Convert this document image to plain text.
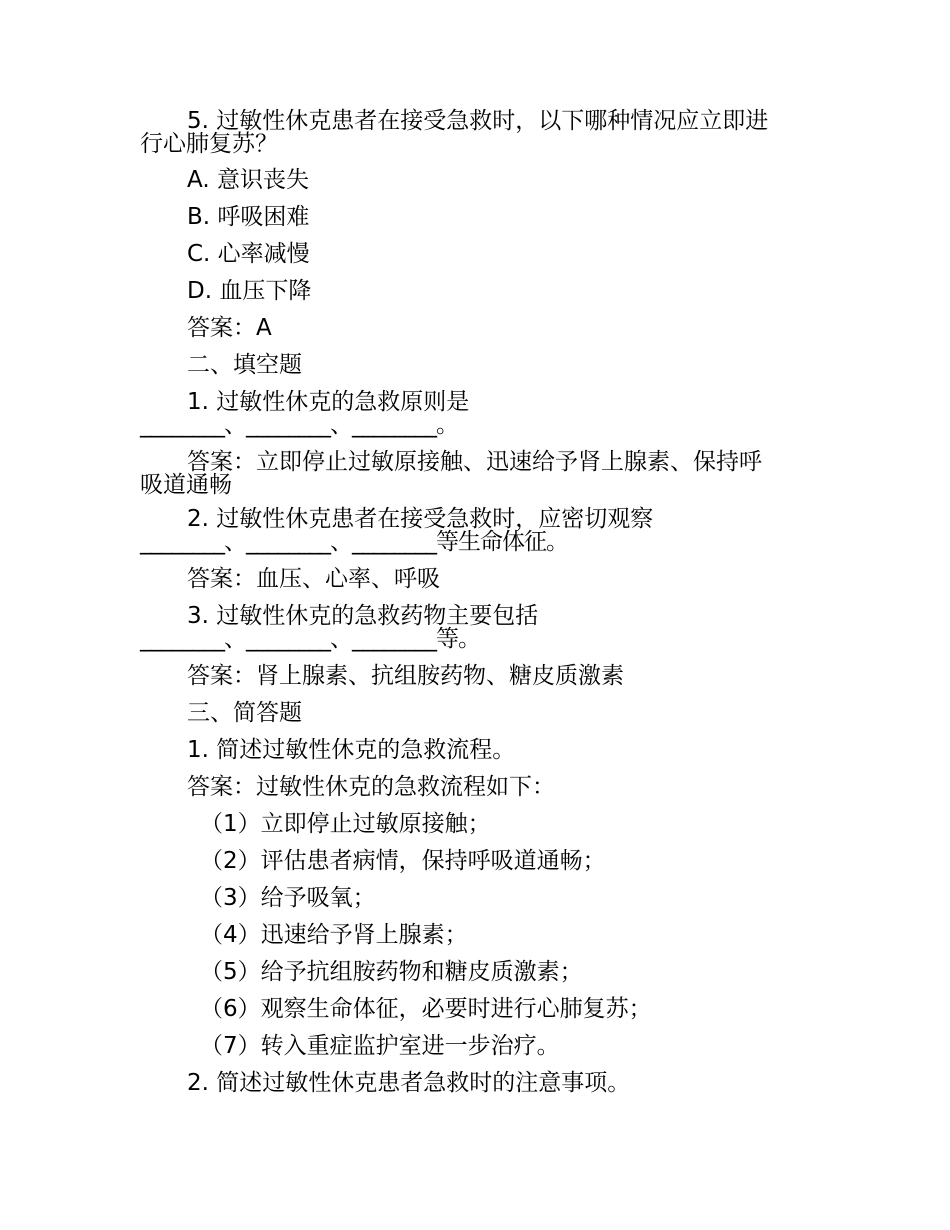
5. 过敏性休克患者在接受急救时，以下哪种情况应立即进
行心肺复苏？
A. 意识丧失
B. 呼吸困难
C. 心率减慢
D. 血压下降
答案：A
二、填空题
1. 过敏性休克的急救原则是
________、________、________。
答案：立即停止过敏原接触、迅速给予肾上腺素、保持呼
吸道通畅
2. 过敏性休克患者在接受急救时，应密切观察
________、________、________等生命体征。
答案：血压、心率、呼吸
3. 过敏性休克的急救药物主要包括
________、________、________等。
答案：肾上腺素、抗组胺药物、糖皮质激素
三、简答题
1. 简述过敏性休克的急救流程。
答案：过敏性休克的急救流程如下：
（1）立即停止过敏原接触；
（2）评估患者病情，保持呼吸道通畅；
（3）给予吸氧；
（4）迅速给予肾上腺素；
（5）给予抗组胺药物和糖皮质激素；
（6）观察生命体征，必要时进行心肺复苏；
（7）转入重症监护室进一步治疗。
2. 简述过敏性休克患者急救时的注意事项。
